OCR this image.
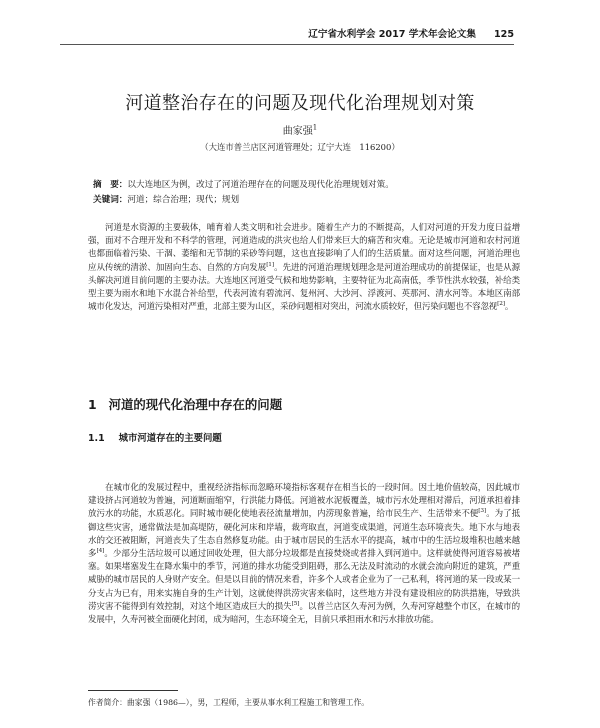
辽宁省水利学会 2017 学术年会论文集 125
河道整治存在的问题及现代化治理规划对策
曲家强$^1$
（大连市普兰店区河道管理处；辽宁大连　116200）
摘　要：以大连地区为例，改过了河道治理存在的问题及现代化治理规划对策。
关键词：河道；综合治理；现代；规划

河道是水资源的主要载体，哺育着人类文明和社会进步。随着生产力的不断提高，人们对河道的开发力度日益增强，面对不合理开发和不科学的管理，河道造成的洪灾也给人们带来巨大的痛苦和灾难。无论是城市河道和农村河道也都面临着污染、干涸、萎缩和无节制的采砂等问题，这也直接影响了人们的生活质量。面对这些问题，河道治理也应从传统的清淤、加固向生态、自然的方向发展[1]。先进的河道治理规划理念是河道治理成功的前提保证，也是从源头解决河道目前问题的主要办法。大连地区河道受气候和地势影响，主要特征为北高南低，季节性洪水较强，补给类型主要为雨水和地下水混合补给型，代表河流有碧流河、复州河、大沙河、浮渡河、英那河、清水河等。本地区南部城市化发达，河道污染相对严重，北部主要为山区，采砂问题相对突出，河流水质较好，但污染问题也不容忽视[2]。

1 河道的现代化治理中存在的问题
1.1 城市河道存在的主要问题

在城市化的发展过程中，重视经济指标而忽略环境指标客观存在相当长的一段时间。因土地价值较高，因此城市建设挤占河道较为普遍，河道断面缩窄，行洪能力降低。河道被水泥板覆盖，城市污水处理相对滞后，河道承担着排放污水的功能，水质恶化。同时城市硬化使地表径流量增加，内涝现象普遍，给市民生产、生活带来不便[3]。为了抵御这些灾害，通常做法是加高堤防，硬化河床和岸墙，裁弯取直，河道变成渠道，河道生态环境丧失。地下水与地表水的交还被阻断，河道丧失了生态自然修复功能。由于城市居民的生活水平的提高，城市中的生活垃圾堆积也越来越多[4]。少部分生活垃圾可以通过回收处理，但大部分垃圾都是直接焚烧或者排入到河道中。这样就使得河道容易被堵塞。如果堵塞发生在降水集中的季节，河道的排水功能受到阻碍，那么无法及时流动的水就会流向附近的建筑，严重威胁的城市居民的人身财产安全。但是以目前的情况来看，许多个人或者企业为了一己私利，将河道的某一段或某一分支占为已有，用来实施自身的生产计划，这就使得洪涝灾害来临时，这些地方并没有建设相应的防洪措施，导致洪涝灾害不能得到有效控制，对这个地区造成巨大的损失[5]。以普兰店区久寿河为例，久寿河穿越整个市区，在城市的发展中，久寿河被全面硬化封闭，成为暗河，生态环境全无，目前只承担雨水和污水排放功能。

作者简介：曲家强（1986—），男，工程师，主要从事水利工程施工和管理工作。
